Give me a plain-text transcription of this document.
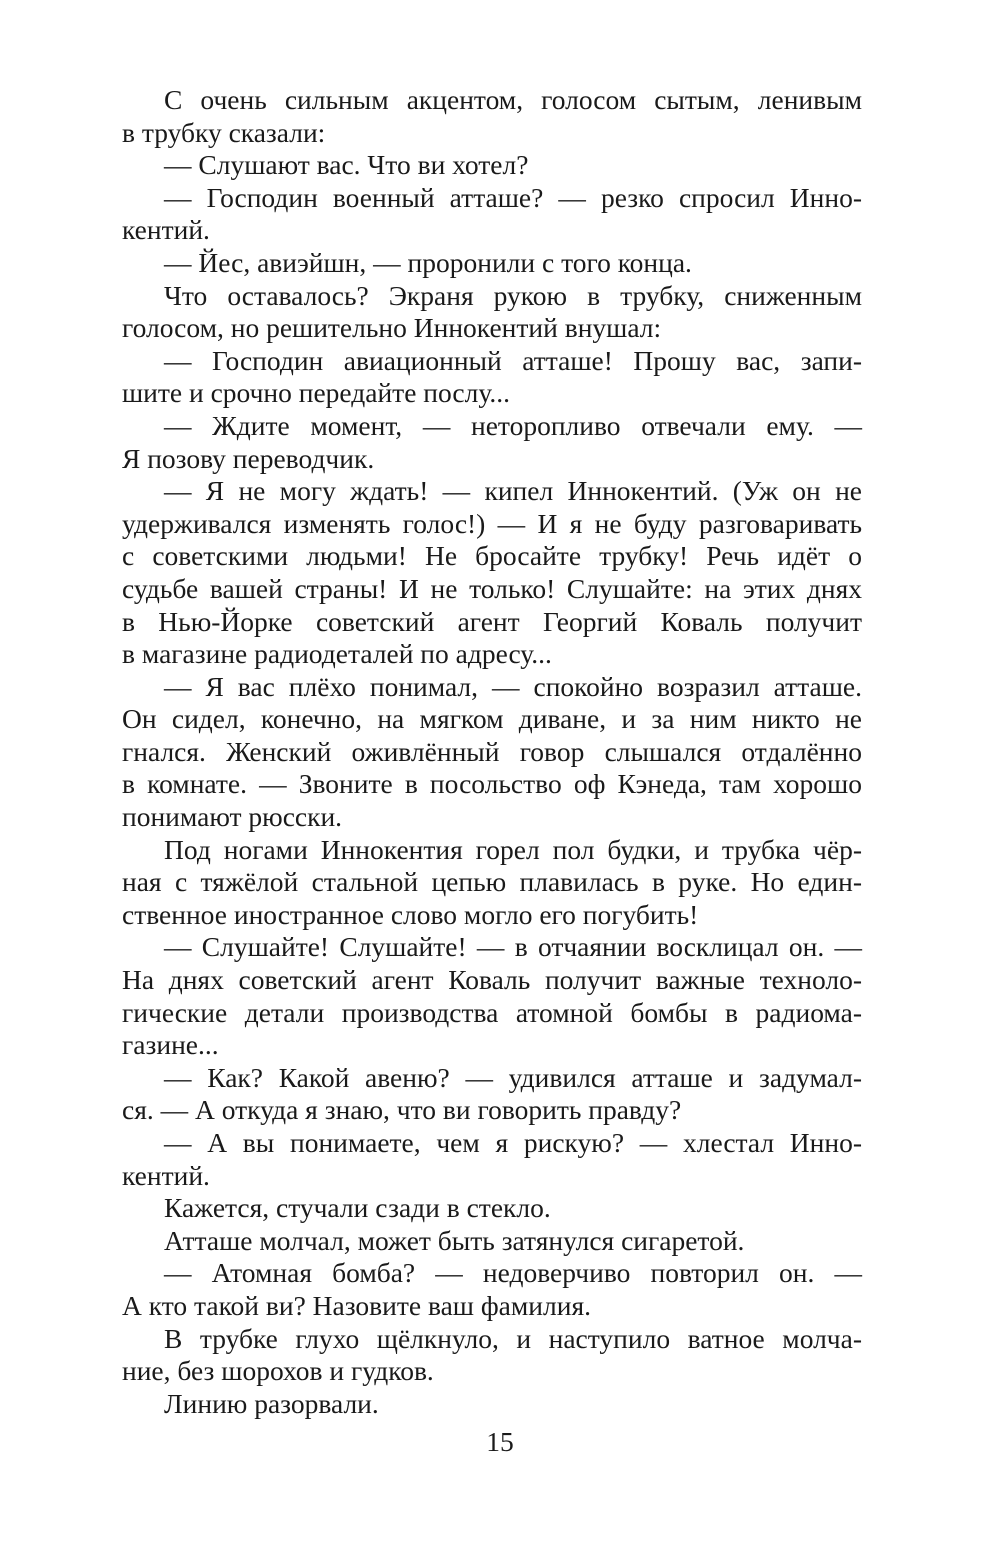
С очень сильным акцентом, голосом сытым, ленивым
в трубку сказали:
— Слушают вас. Что ви хотел?
— Господин военный атташе? — резко спросил Инно-
кентий.
— Йес, авиэйшн, — проронили с того конца.
Что оставалось? Экраня рукою в трубку, сниженным
голосом, но решительно Иннокентий внушал:
— Господин авиационный атташе! Прошу вас, запи-
шите и срочно передайте послу...
— Ждите момент, — неторопливо отвечали ему. —
Я позову переводчик.
— Я не могу ждать! — кипел Иннокентий. (Уж он не
удерживался изменять голос!) — И я не буду разговаривать
с советскими людьми! Не бросайте трубку! Речь идёт о
судьбе вашей страны! И не только! Слушайте: на этих днях
в Нью-Йорке советский агент Георгий Коваль получит
в магазине радиодеталей по адресу...
— Я вас плёхо понимал, — спокойно возразил атташе.
Он сидел, конечно, на мягком диване, и за ним никто не
гнался. Женский оживлённый говор слышался отдалённо
в комнате. — Звоните в посольство оф Кэнеда, там хорошо
понимают рюсски.
Под ногами Иннокентия горел пол будки, и трубка чёр-
ная с тяжёлой стальной цепью плавилась в руке. Но един-
ственное иностранное слово могло его погубить!
— Слушайте! Слушайте! — в отчаянии восклицал он. —
На днях советский агент Коваль получит важные техноло-
гические детали производства атомной бомбы в радиома-
газине...
— Как? Какой авеню? — удивился атташе и задумал-
ся. — А откуда я знаю, что ви говорить правду?
— А вы понимаете, чем я рискую? — хлестал Инно-
кентий.
Кажется, стучали сзади в стекло.
Атташе молчал, может быть затянулся сигаретой.
— Атомная бомба? — недоверчиво повторил он. —
А кто такой ви? Назовите ваш фамилия.
В трубке глухо щёлкнуло, и наступило ватное молча-
ние, без шорохов и гудков.
Линию разорвали.
15
